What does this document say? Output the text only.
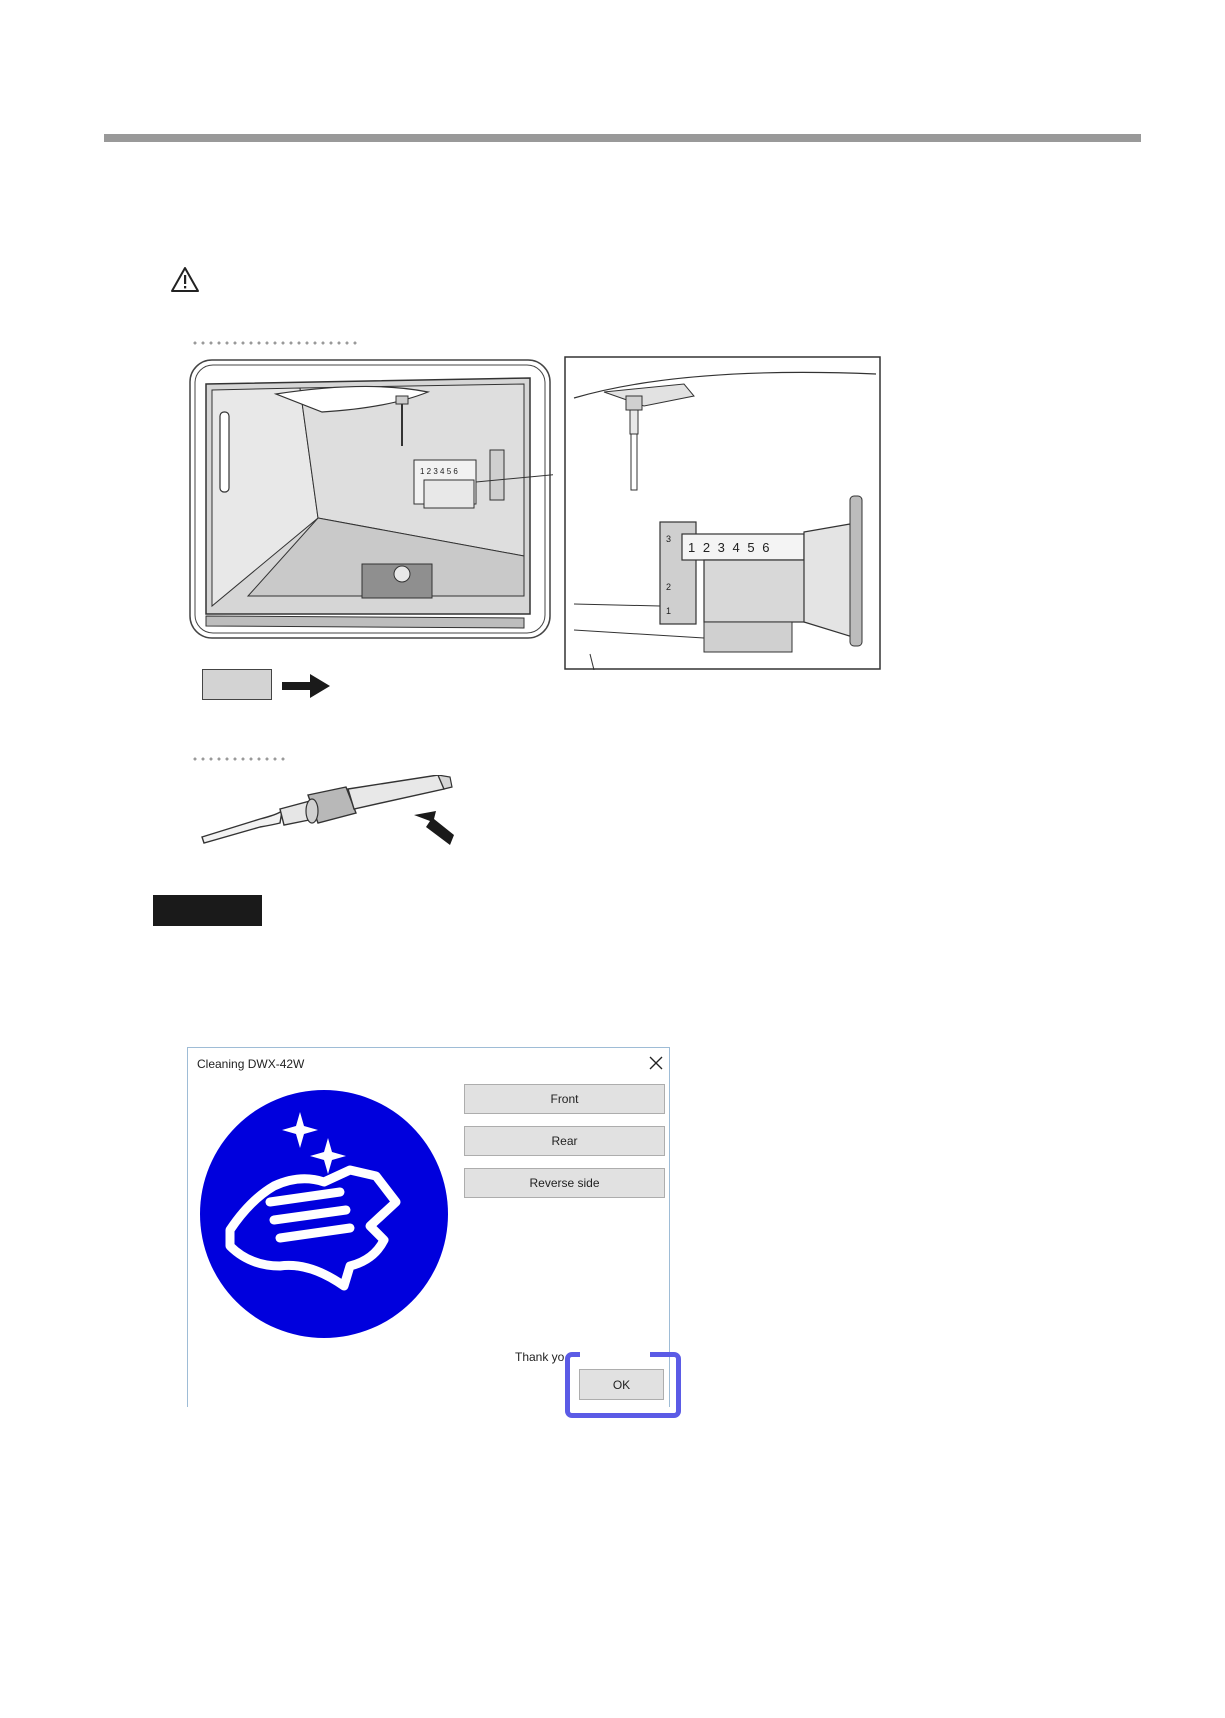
1 2 3 4 5 6
1 2 3 4 5 6
3
2
1
Cleaning DWX-42W
Front
Rear
Reverse side
Thank yo
OK
